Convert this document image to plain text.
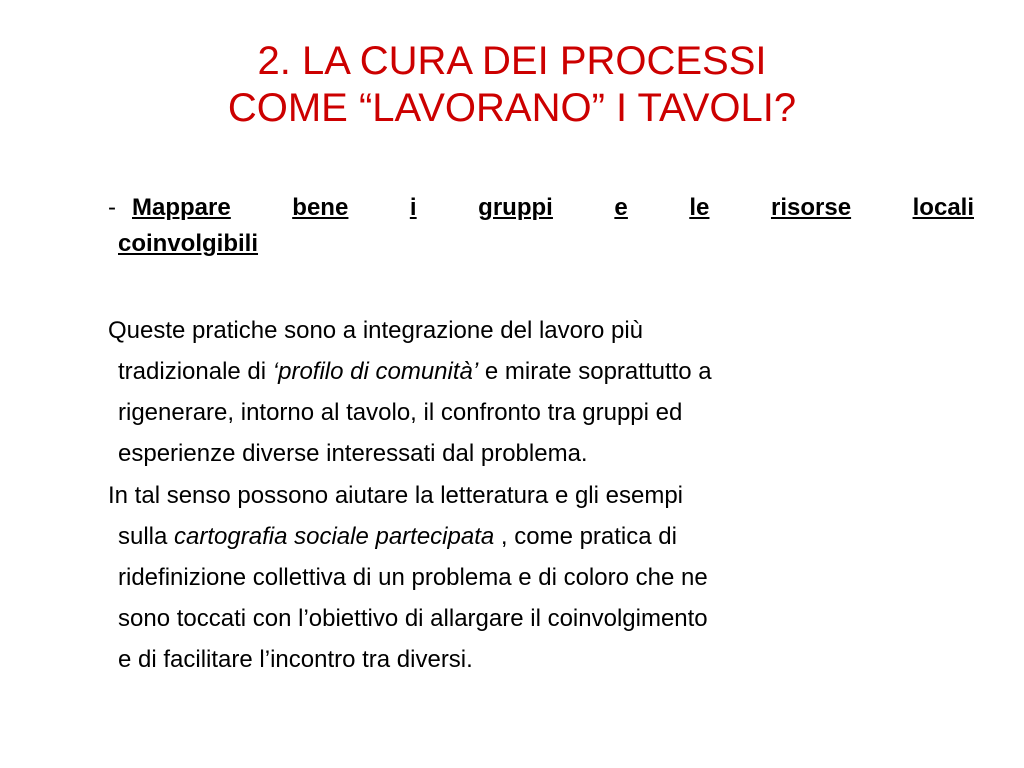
2. LA CURA DEI PROCESSI
COME “LAVORANO” I TAVOLI?
- Mappare	bene	i	gruppi	e	le	risorse	locali
coinvolgibili
Queste pratiche sono a integrazione del lavoro più
tradizionale di ‘profilo di comunità’ e mirate soprattutto a
rigenerare, intorno al tavolo, il confronto tra gruppi ed
esperienze diverse interessati dal problema.
In tal senso possono aiutare la letteratura e gli esempi
sulla cartografia sociale partecipata , come pratica di
ridefinizione collettiva di un problema e di coloro che ne
sono toccati con l’obiettivo di allargare il coinvolgimento
e di facilitare l’incontro tra diversi.
